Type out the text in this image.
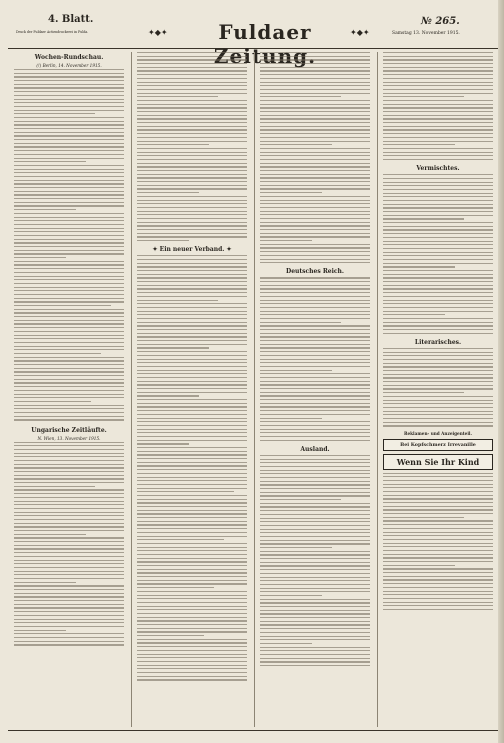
4. Blatt.
Druck der Fuldaer Actiendruckerei in Fulda.	✦◆✦	Fuldaer	✦◆✦
№ 265.
Samstag 13. November 1915.
Wochen-Rundschau.
(!) Berlin, 14. November 1915.
Ungarische Zeitläufte.
N. Wien, 13. November 1915.
✦ Ein neuer Verband. ✦
Deutsches Reich.
Ausland.
Vermischtes.
Literarisches.
Reklamen- und Anzeigenteil.
Bei Kopfschmerz Irrevanille
Wenn Sie Ihr Kind
